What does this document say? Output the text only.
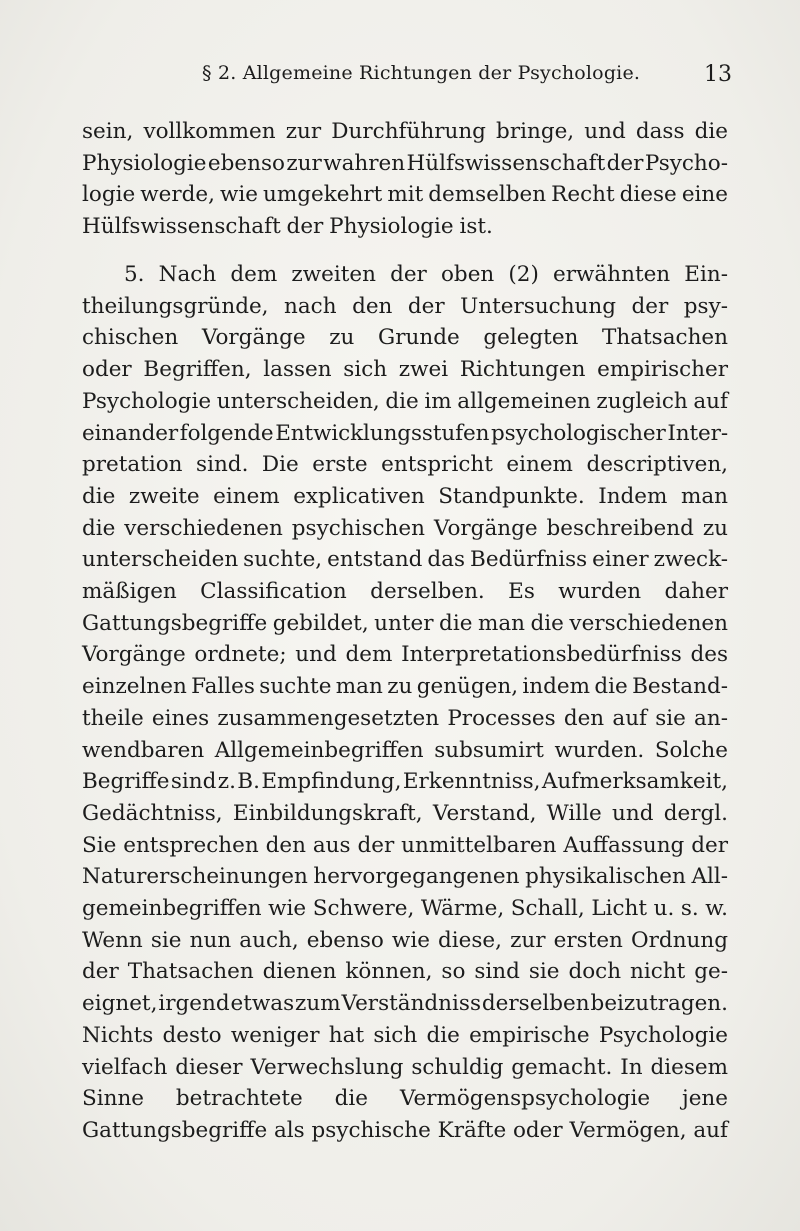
§ 2. Allgemeine Richtungen der Psychologie.	13

sein, vollkommen zur Durchführung bringe, und dass die
Physiologie ebenso zur wahren Hülfswissenschaft der Psycho-
logie werde, wie umgekehrt mit demselben Recht diese eine
Hülfswissenschaft der Physiologie ist.

5. Nach dem zweiten der oben (2) erwähnten Ein-
theilungsgründe, nach den der Untersuchung der psy-
chischen Vorgänge zu Grunde gelegten Thatsachen
oder Begriffen, lassen sich zwei Richtungen empirischer
Psychologie unterscheiden, die im allgemeinen zugleich auf
einander folgende Entwicklungsstufen psychologischer Inter-
pretation sind. Die erste entspricht einem descriptiven,
die zweite einem explicativen Standpunkte. Indem man
die verschiedenen psychischen Vorgänge beschreibend zu
unterscheiden suchte, entstand das Bedürfniss einer zweck-
mäßigen Classification derselben. Es wurden daher
Gattungsbegriffe gebildet, unter die man die verschiedenen
Vorgänge ordnete; und dem Interpretationsbedürfniss des
einzelnen Falles suchte man zu genügen, indem die Bestand-
theile eines zusammengesetzten Processes den auf sie an-
wendbaren Allgemeinbegriffen subsumirt wurden. Solche
Begriffe sind z. B. Empfindung, Erkenntniss, Aufmerksamkeit,
Gedächtniss, Einbildungskraft, Verstand, Wille und dergl.
Sie entsprechen den aus der unmittelbaren Auffassung der
Naturerscheinungen hervorgegangenen physikalischen All-
gemeinbegriffen wie Schwere, Wärme, Schall, Licht u. s. w.
Wenn sie nun auch, ebenso wie diese, zur ersten Ordnung
der Thatsachen dienen können, so sind sie doch nicht ge-
eignet, irgend etwas zum Verständniss derselben beizutragen.
Nichts desto weniger hat sich die empirische Psychologie
vielfach dieser Verwechslung schuldig gemacht. In diesem
Sinne betrachtete die Vermögenspsychologie jene
Gattungsbegriffe als psychische Kräfte oder Vermögen, auf
